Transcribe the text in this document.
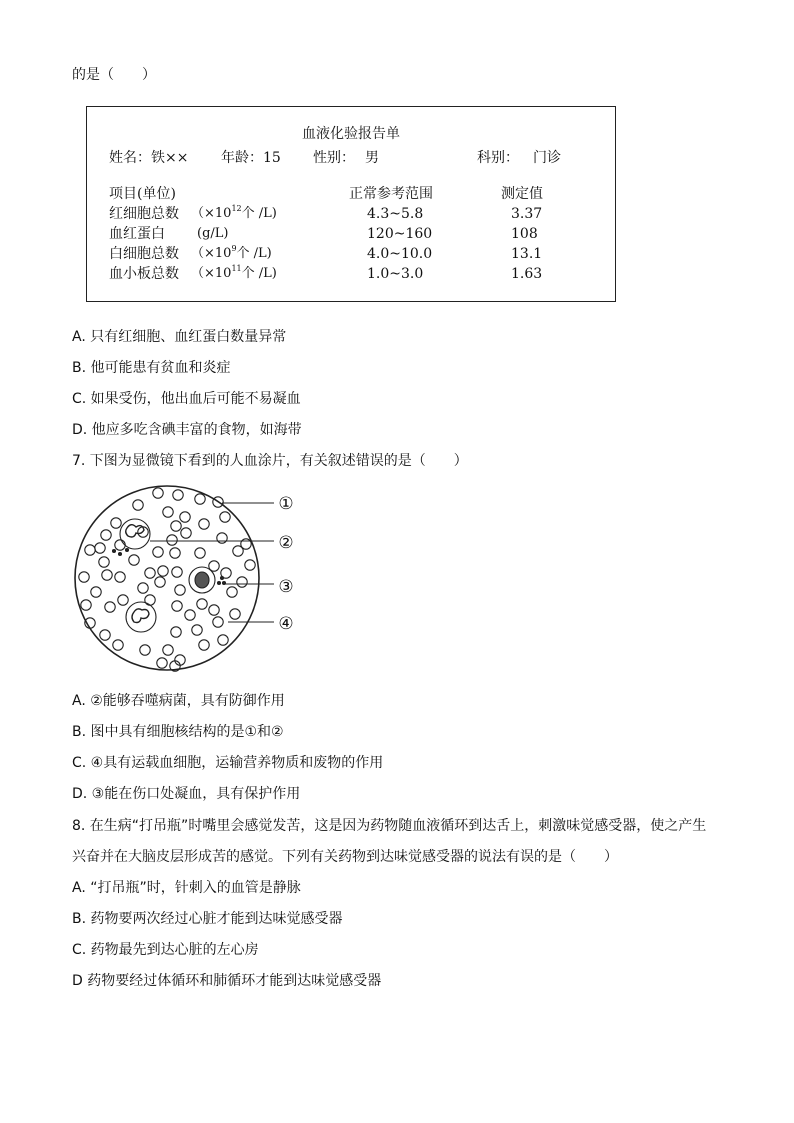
的是（　　）
血液化验报告单
姓名：铁×× 年龄：15 性别： 男	科别： 门诊
项目(单位)	正常参考范围	测定值
红细胞总数 （$\times 10^{12}$个 /L)	4.3~5.8	3.37
血红蛋白 (g/L)	120~160	108
白细胞总数 （$\times 10^9$个 /L)	4.0~10.0	13.1
血小板总数 （$\times 10^{11}$个 /L)	1.0~3.0	1.63
A. 只有红细胞、血红蛋白数量异常
B. 他可能患有贫血和炎症
C. 如果受伤，他出血后可能不易凝血
D. 他应多吃含碘丰富的食物，如海带
7. 下图为显微镜下看到的人血涂片，有关叙述错误的是（　　）
①
②
③
④
A. ②能够吞噬病菌，具有防御作用
B. 图中具有细胞核结构的是①和②
C. ④具有运载血细胞，运输营养物质和废物的作用
D. ③能在伤口处凝血，具有保护作用
8. 在生病“打吊瓶”时嘴里会感觉发苦，这是因为药物随血液循环到达舌上，刺激味觉感受器，使之产生
兴奋并在大脑皮层形成苦的感觉。下列有关药物到达味觉感受器的说法有误的是（　　）
A. “打吊瓶”时，针刺入的血管是静脉
B. 药物要两次经过心脏才能到达味觉感受器
C. 药物最先到达心脏的左心房
D 药物要经过体循环和肺循环才能到达味觉感受器
